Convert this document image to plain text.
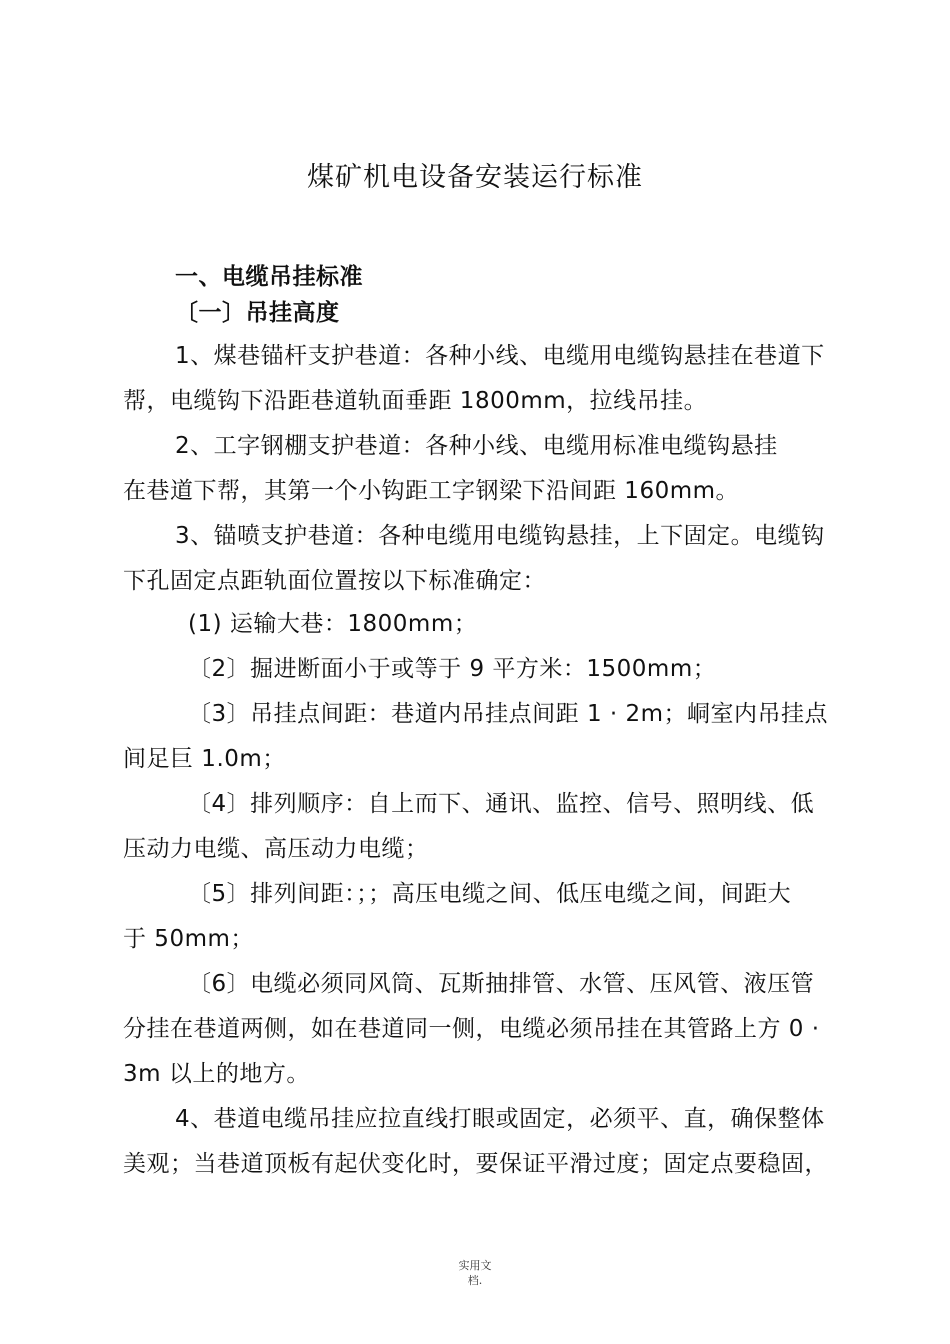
煤矿机电设备安装运行标准
一、电缆吊挂标准
〔一〕吊挂高度
1、煤巷锚杆支护巷道：各种小线、电缆用电缆钩悬挂在巷道下
帮，电缆钩下沿距巷道轨面垂距 1800mm，拉线吊挂。
2、工字钢棚支护巷道：各种小线、电缆用标准电缆钩悬挂
在巷道下帮，其第一个小钩距工字钢梁下沿间距 160mm。
3、锚喷支护巷道：各种电缆用电缆钩悬挂，上下固定。电缆钩
下孔固定点距轨面位置按以下标准确定：
(1) 运输大巷：1800mm；
〔2〕掘进断面小于或等于 9 平方米：1500mm；
〔3〕吊挂点间距：巷道内吊挂点间距 1 · 2m；峒室内吊挂点
间足巨 1.0m；
〔4〕排列顺序：自上而下、通讯、监控、信号、照明线、低
压动力电缆、高压动力电缆；
〔5〕排列间距：；；高压电缆之间、低压电缆之间，间距大
于 50mm；
〔6〕电缆必须同风筒、瓦斯抽排管、水管、压风管、液压管
分挂在巷道两侧，如在巷道同一侧，电缆必须吊挂在其管路上方 0 ·
3m 以上的地方。
4、巷道电缆吊挂应拉直线打眼或固定，必须平、直，确保整体
美观；当巷道顶板有起伏变化时，要保证平滑过度；固定点要稳固，
实用文
档.
